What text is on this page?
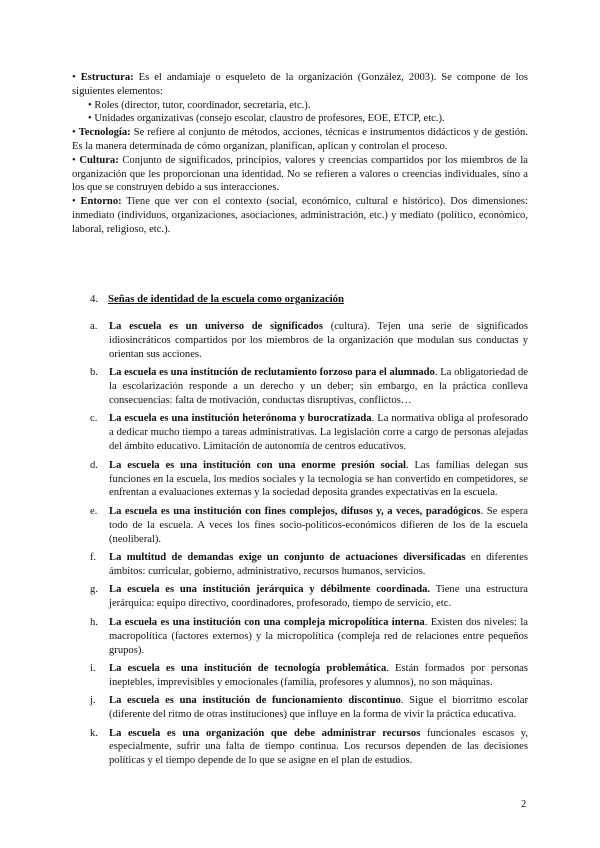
• Estructura: Es el andamiaje o esqueleto de la organización (González, 2003). Se compone de los siguientes elementos:

• Roles (director, tutor, coordinador, secretaria, etc.).

• Unidades organizativas (consejo escolar, claustro de profesores, EOE, ETCP, etc.).

• Tecnología: Se refiere al conjunto de métodos, acciones, técnicas e instrumentos didácticos y de gestión. Es la manera determinada de cómo organizan, planifican, aplican y controlan el proceso.

• Cultura: Conjunto de significados, principios, valores y creencias compartidos por los miembros de la organización que les proporcionan una identidad. No se refieren a valores o creencias individuales, sino a los que se construyen debido a sus interacciones.

• Entorno: Tiene que ver con el contexto (social, económico, cultural e histórico). Dos dimensiones: inmediato (individuos, organizaciones, asociaciones, administración, etc.) y mediato (político, económico, laboral, religioso, etc.).

4. Señas de identidad de la escuela como organización
a. La escuela es un universo de significados (cultura). Tejen una serie de significados idiosincráticos compartidos por los miembros de la organización que modulan sus conductas y orientan sus acciones.
b. La escuela es una institución de reclutamiento forzoso para el alumnado. La obligatoriedad de la escolarización responde a un derecho y un deber; sin embargo, en la práctica conlleva consecuencias: falta de motivación, conductas disruptivas, conflictos…
c. La escuela es una institución heterónoma y burocratizada. La normativa obliga al profesorado a dedicar mucho tiempo a tareas administrativas. La legislación corre a cargo de personas alejadas del ámbito educativo. Limitación de autonomía de centros educativos.
d. La escuela es una institución con una enorme presión social. Las familias delegan sus funciones en la escuela, los medios sociales y la tecnología se han convertido en competidores, se enfrentan a evaluaciones externas y la sociedad deposita grandes expectativas en la escuela.
e. La escuela es una institución con fines complejos, difusos y, a veces, paradógicos. Se espera todo de la escuela. A veces los fines socio-políticos-económicos difieren de los de la escuela (neoliberal).
f. La multitud de demandas exige un conjunto de actuaciones diversificadas en diferentes ámbitos: curricular, gobierno, administrativo, recursos humanos, servicios.
g. La escuela es una institución jerárquica y débilmente coordinada. Tiene una estructura jerárquica: equipo directivo, coordinadores, profesorado, tiempo de servicio, etc.
h. La escuela es una institución con una compleja micropolítica interna. Existen dos niveles: la macropolítica (factores externos) y la micropolítica (compleja red de relaciones entre pequeños grupos).
i. La escuela es una institución de tecnología problemática. Están formados por personas ineptebles, imprevisibles y emocionales (familia, profesores y alumnos), no son máquinas.
j. La escuela es una institución de funcionamiento discontinuo. Sigue el biorritmo escolar (diferente del ritmo de otras instituciones) que influye en la forma de vivir la práctica educativa.
k. La escuela es una organización que debe administrar recursos funcionales escasos y, especialmente, sufrir una falta de tiempo continua. Los recursos dependen de las decisiones políticas y el tiempo depende de lo que se asigne en el plan de estudios.
2
